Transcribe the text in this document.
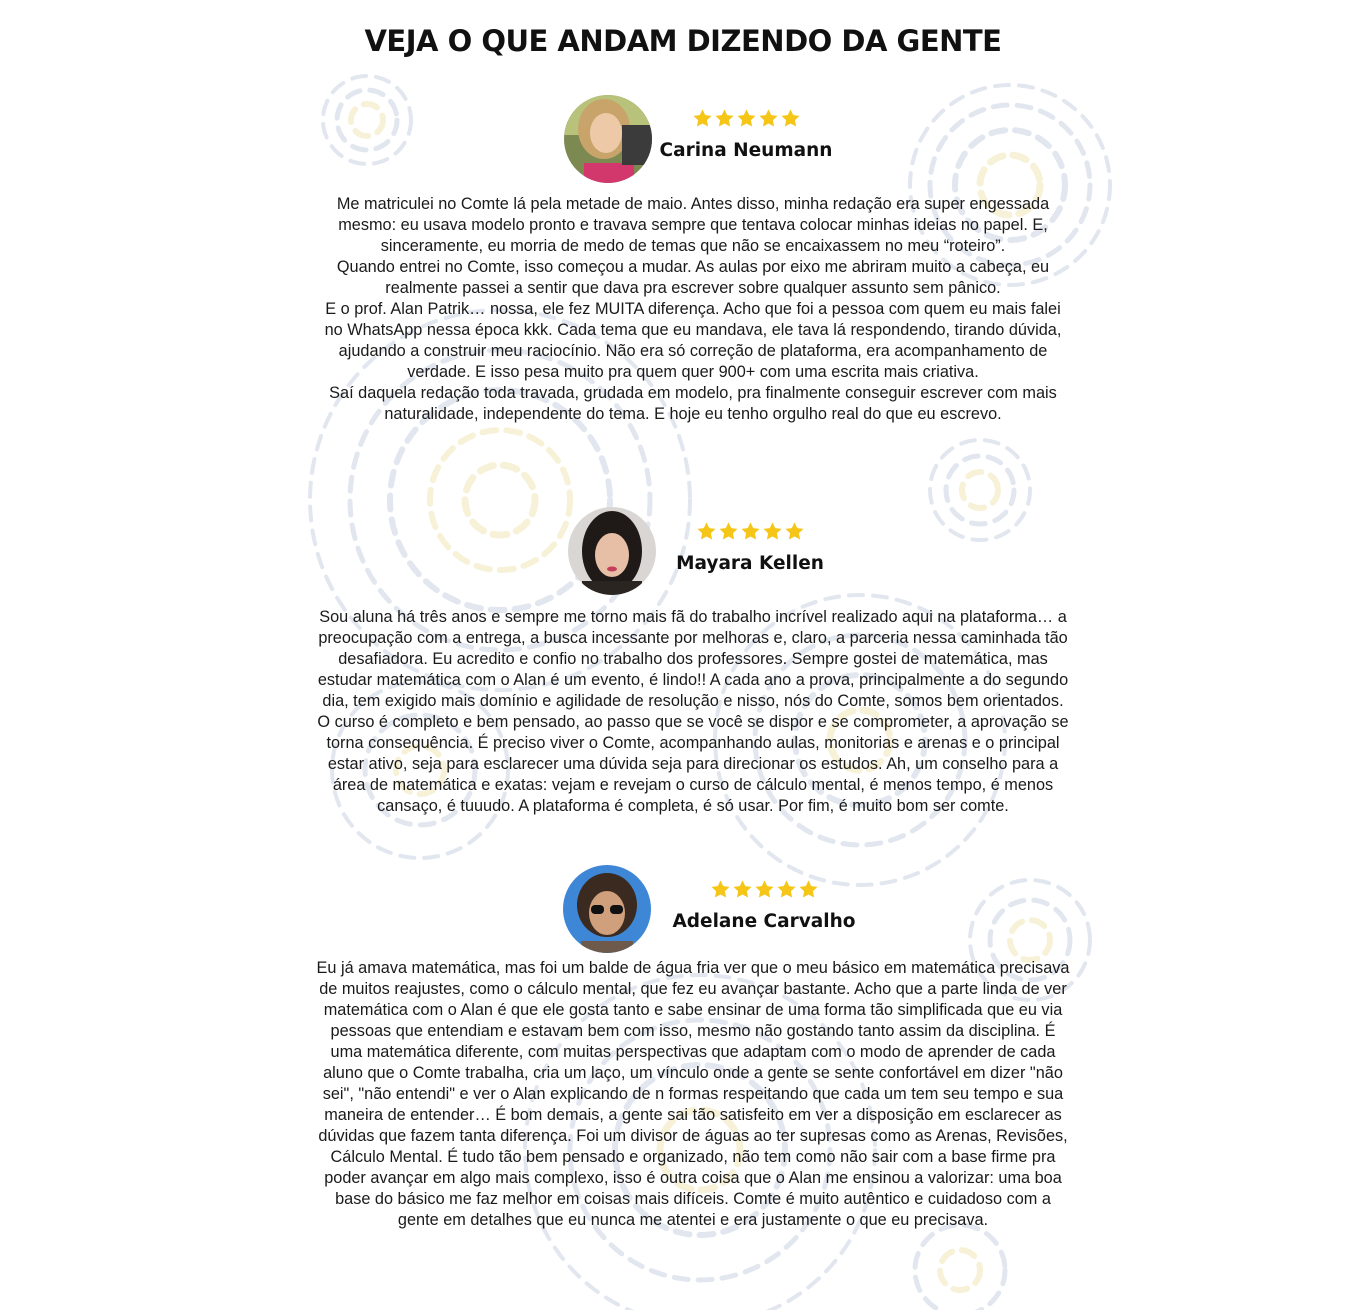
VEJA O QUE ANDAM DIZENDO DA GENTE
Carina Neumann

Me matriculei no Comte lá pela metade de maio. Antes disso, minha redação era super engessada mesmo: eu usava modelo pronto e travava sempre que tentava colocar minhas ideias no papel. E, sinceramente, eu morria de medo de temas que não se encaixassem no meu “roteiro”.

Quando entrei no Comte, isso começou a mudar. As aulas por eixo me abriram muito a cabeça, eu realmente passei a sentir que dava pra escrever sobre qualquer assunto sem pânico.

E o prof. Alan Patrik… nossa, ele fez MUITA diferença. Acho que foi a pessoa com quem eu mais falei no WhatsApp nessa época kkk. Cada tema que eu mandava, ele tava lá respondendo, tirando dúvida, ajudando a construir meu raciocínio. Não era só correção de plataforma, era acompanhamento de verdade. E isso pesa muito pra quem quer 900+ com uma escrita mais criativa.

Saí daquela redação toda travada, grudada em modelo, pra finalmente conseguir escrever com mais naturalidade, independente do tema. E hoje eu tenho orgulho real do que eu escrevo.

Mayara Kellen

Sou aluna há três anos e sempre me torno mais fã do trabalho incrível realizado aqui na plataforma… a preocupação com a entrega, a busca incessante por melhoras e, claro, a parceria nessa caminhada tão desafiadora. Eu acredito e confio no trabalho dos professores. Sempre gostei de matemática, mas estudar matemática com o Alan é um evento, é lindo!! A cada ano a prova, principalmente a do segundo dia, tem exigido mais domínio e agilidade de resolução e nisso, nós do Comte, somos bem orientados. O curso é completo e bem pensado, ao passo que se você se dispor e se comprometer, a aprovação se torna consequência. É preciso viver o Comte, acompanhando aulas, monitorias e arenas e o principal estar ativo, seja para esclarecer uma dúvida seja para direcionar os estudos. Ah, um conselho para a área de matemática e exatas: vejam e revejam o curso de cálculo mental, é menos tempo, é menos cansaço, é tuuudo. A plataforma é completa, é só usar. Por fim, é muito bom ser comte.

Adelane Carvalho

Eu já amava matemática, mas foi um balde de água fria ver que o meu básico em matemática precisava de muitos reajustes, como o cálculo mental, que fez eu avançar bastante. Acho que a parte linda de ver matemática com o Alan é que ele gosta tanto e sabe ensinar de uma forma tão simplificada que eu via pessoas que entendiam e estavam bem com isso, mesmo não gostando tanto assim da disciplina. É uma matemática diferente, com muitas perspectivas que adaptam com o modo de aprender de cada aluno que o Comte trabalha, cria um laço, um vínculo onde a gente se sente confortável em dizer "não sei", "não entendi" e ver o Alan explicando de n formas respeitando que cada um tem seu tempo e sua maneira de entender… É bom demais, a gente sai tão satisfeito em ver a disposição em esclarecer as dúvidas que fazem tanta diferença. Foi um divisor de águas ao ter supresas como as Arenas, Revisões, Cálculo Mental. É tudo tão bem pensado e organizado, não tem como não sair com a base firme pra poder avançar em algo mais complexo, isso é outra coisa que o Alan me ensinou a valorizar: uma boa base do básico me faz melhor em coisas mais difíceis. Comte é muito autêntico e cuidadoso com a gente em detalhes que eu nunca me atentei e era justamente o que eu precisava.
